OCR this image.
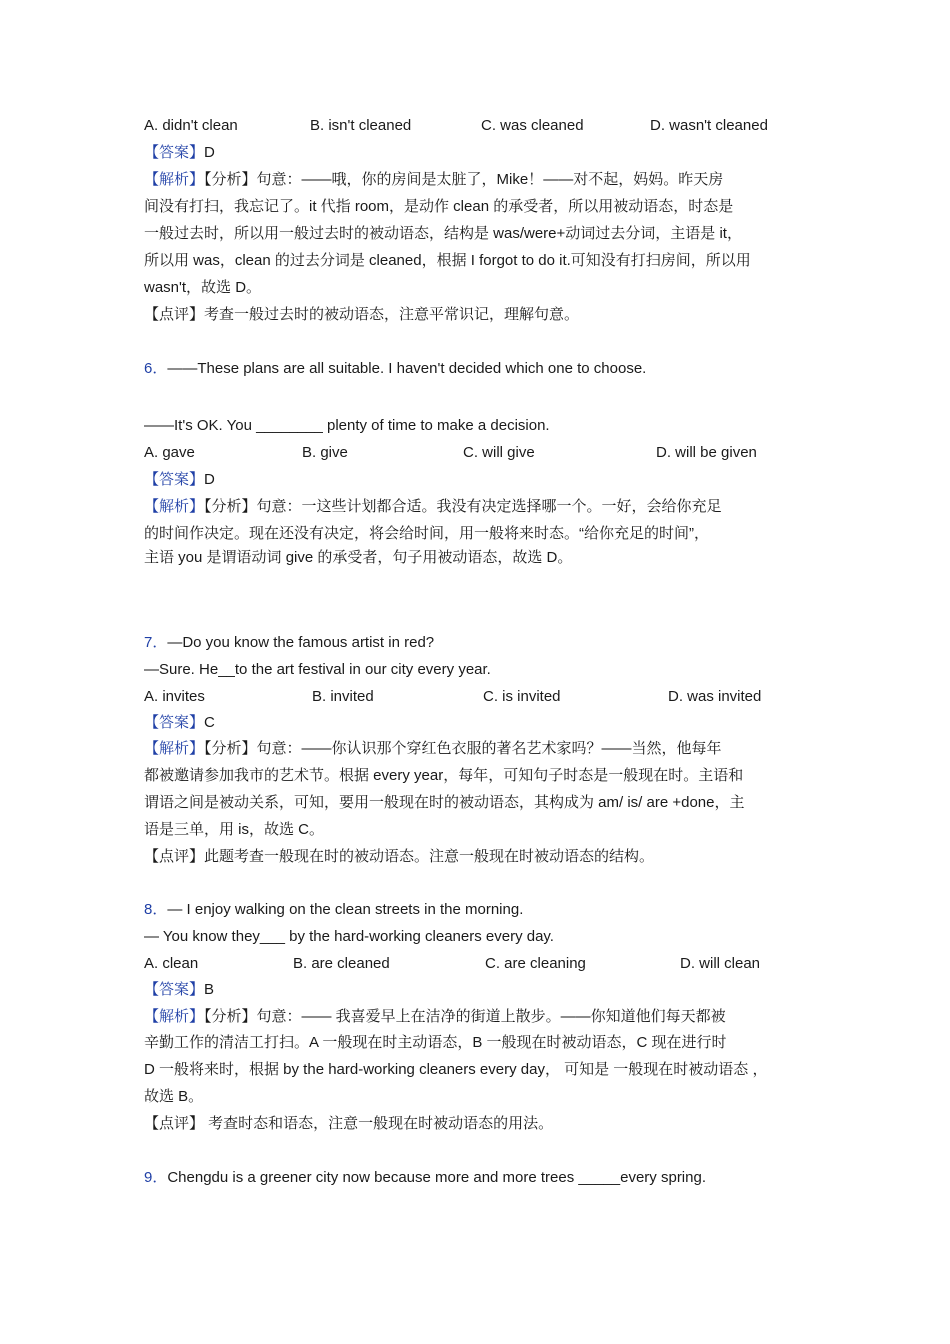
A. didn't clean	B. isn't cleaned	C. was cleaned	D. wasn't cleaned
【答案】D
【解析】【分析】句意：——哦，你的房间是太脏了，Mike！——对不起，妈妈。昨天房
间没有打扫，我忘记了。it 代指 room，是动作 clean 的承受者，所以用被动语态，时态是
一般过去时，所以用一般过去时的被动语态，结构是 was/were+动词过去分词，主语是 it，
所以用 was，clean 的过去分词是 cleaned，根据 I forgot to do it.可知没有打扫房间，所以用
wasn't，故选 D。
【点评】考查一般过去时的被动语态，注意平常识记，理解句意。
6．——These plans are all suitable. I haven't decided which one to choose.
——It's OK. You ________ plenty of time to make a decision.
A. gave	B. give	C. will give	D. will be given
【答案】D
【解析】【分析】句意：一这些计划都合适。我没有决定选择哪一个。一好，会给你充足
的时间作决定。现在还没有决定，将会给时间，用一般将来时态。“给你充足的时间”，
主语 you 是谓语动词 give 的承受者，句子用被动语态，故选 D。
7．—Do you know the famous artist in red?
—Sure. He__to the art festival in our city every year.
A. invites	B. invited	C. is invited	D. was invited
【答案】C
【解析】【分析】句意：——你认识那个穿红色衣服的著名艺术家吗？——当然，他每年
都被邀请参加我市的艺术节。根据 every year，每年，可知句子时态是一般现在时。主语和
谓语之间是被动关系，可知，要用一般现在时的被动语态，其构成为 am/ is/ are +done，主
语是三单，用 is，故选 C。
【点评】此题考查一般现在时的被动语态。注意一般现在时被动语态的结构。
8．— I enjoy walking on the clean streets in the morning.
— You know they___ by the hard-working cleaners every day.
A. clean	B. are cleaned	C. are cleaning	D. will clean
【答案】B
【解析】【分析】句意：—— 我喜爱早上在洁净的街道上散步。——你知道他们每天都被
辛勤工作的清洁工打扫。A 一般现在时主动语态，B 一般现在时被动语态，C 现在进行时
D 一般将来时，根据 by the hard-working cleaners every day， 可知是 一般现在时被动语态 ，
故选 B。
【点评】 考查时态和语态，注意一般现在时被动语态的用法。
9．Chengdu is a greener city now because more and more trees _____every spring.
